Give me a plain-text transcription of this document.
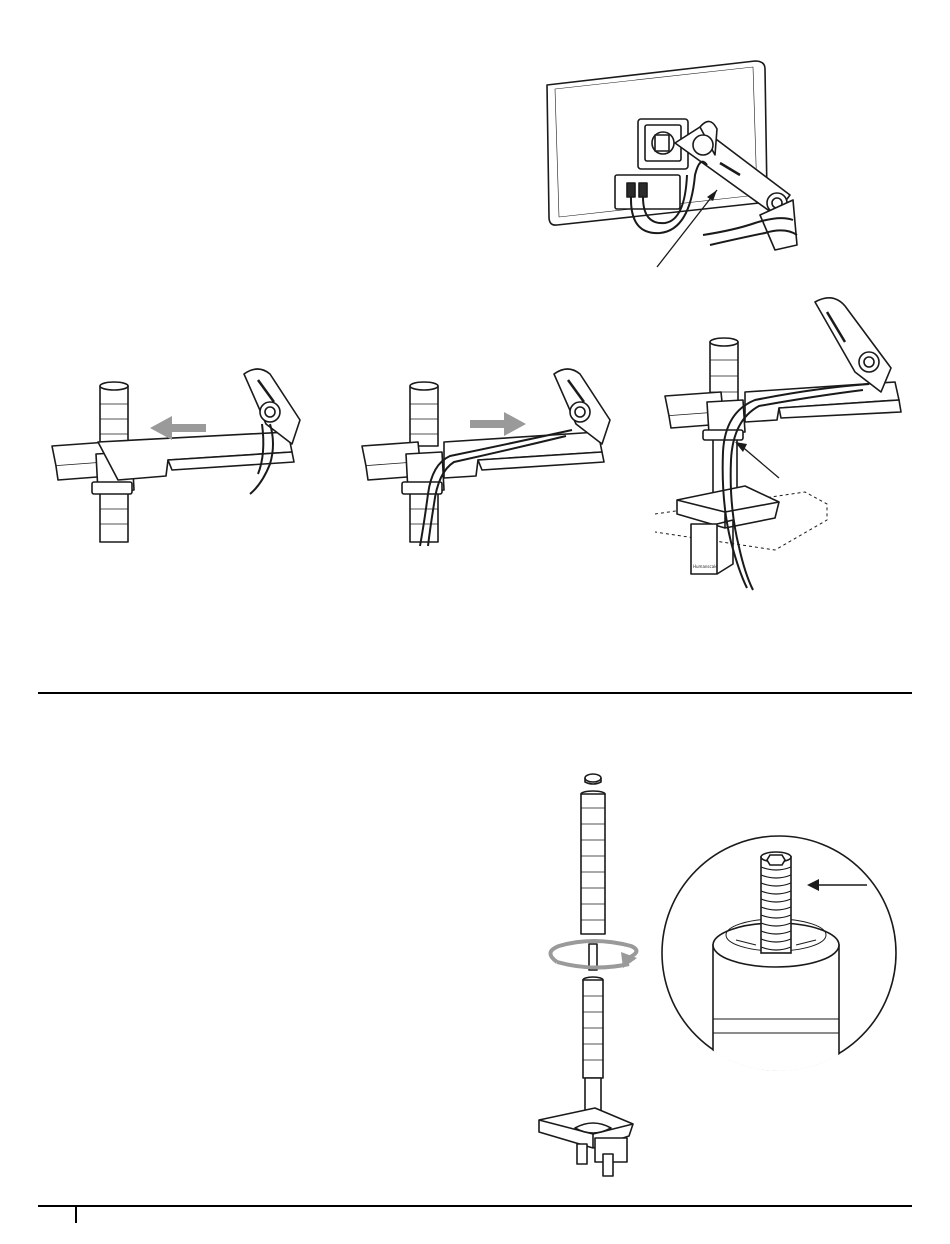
Humanscale
